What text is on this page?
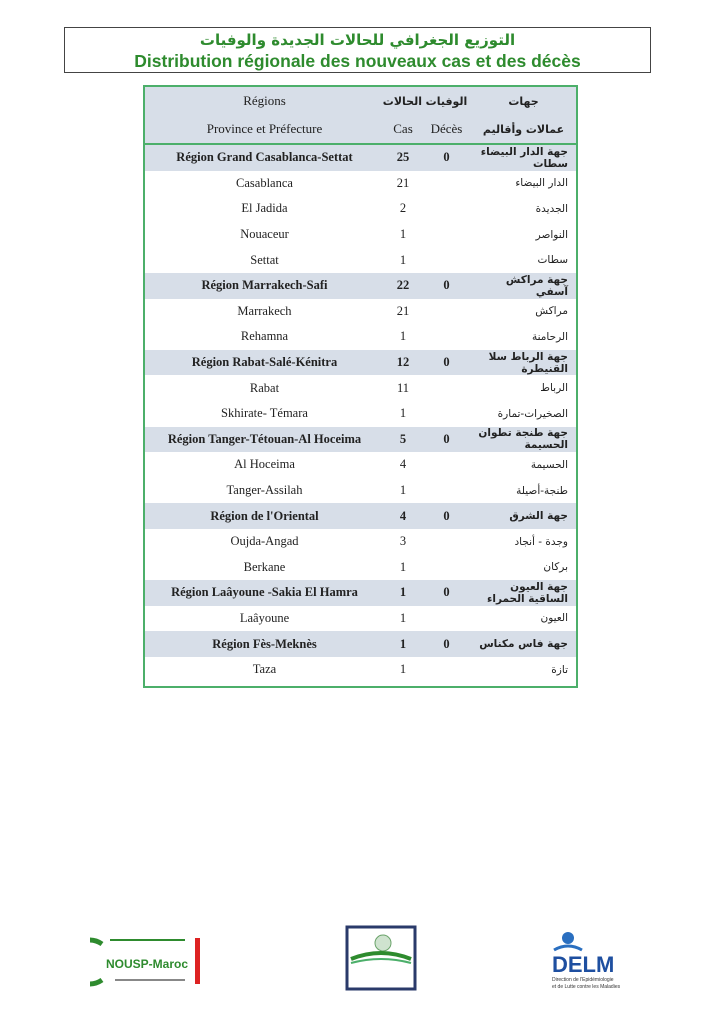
التوزيع الجغرافي للحالات الجديدة والوفيات
Distribution régionale des nouveaux cas et des décès
Régions	الحالات	الوفيات	جهات
Province et Préfecture	Cas	Décès	عمالات وأقاليم
Région Grand Casablanca-Settat	25	0	جهة الدار البيضاء سطات
Casablanca	21		الدار البيضاء
El Jadida	2		الجديدة
Nouaceur	1		النواصر
Settat	1		سطات
Région Marrakech-Safi	22	0	جهة مراكش آسفي
Marrakech	21		مراكش
Rehamna	1		الرحامنة
Région Rabat-Salé-Kénitra	12	0	جهة الرباط سلا القنيطرة
Rabat	11		الرباط
Skhirate- Témara	1		الصخيرات-تمارة
Région Tanger-Tétouan-Al Hoceima	5	0	جهة طنجة تطوان الحسيمة
Al Hoceima	4		الحسيمة
Tanger-Assilah	1		طنجة-أصيلة
Région de l'Oriental	4	0	جهة الشرق
Oujda-Angad	3		وجدة - أنجاد
Berkane	1		بركان
Région Laâyoune -Sakia El Hamra	1	0	جهة العيون الساقية الحمراء
Laâyoune	1		العيون
Région Fès-Meknès	1	0	جهة فاس مكناس
Taza	1		تازة
NOUSP-Maroc	DELM
Direction de l'Epidémiologie
et de Lutte contre les Maladies
